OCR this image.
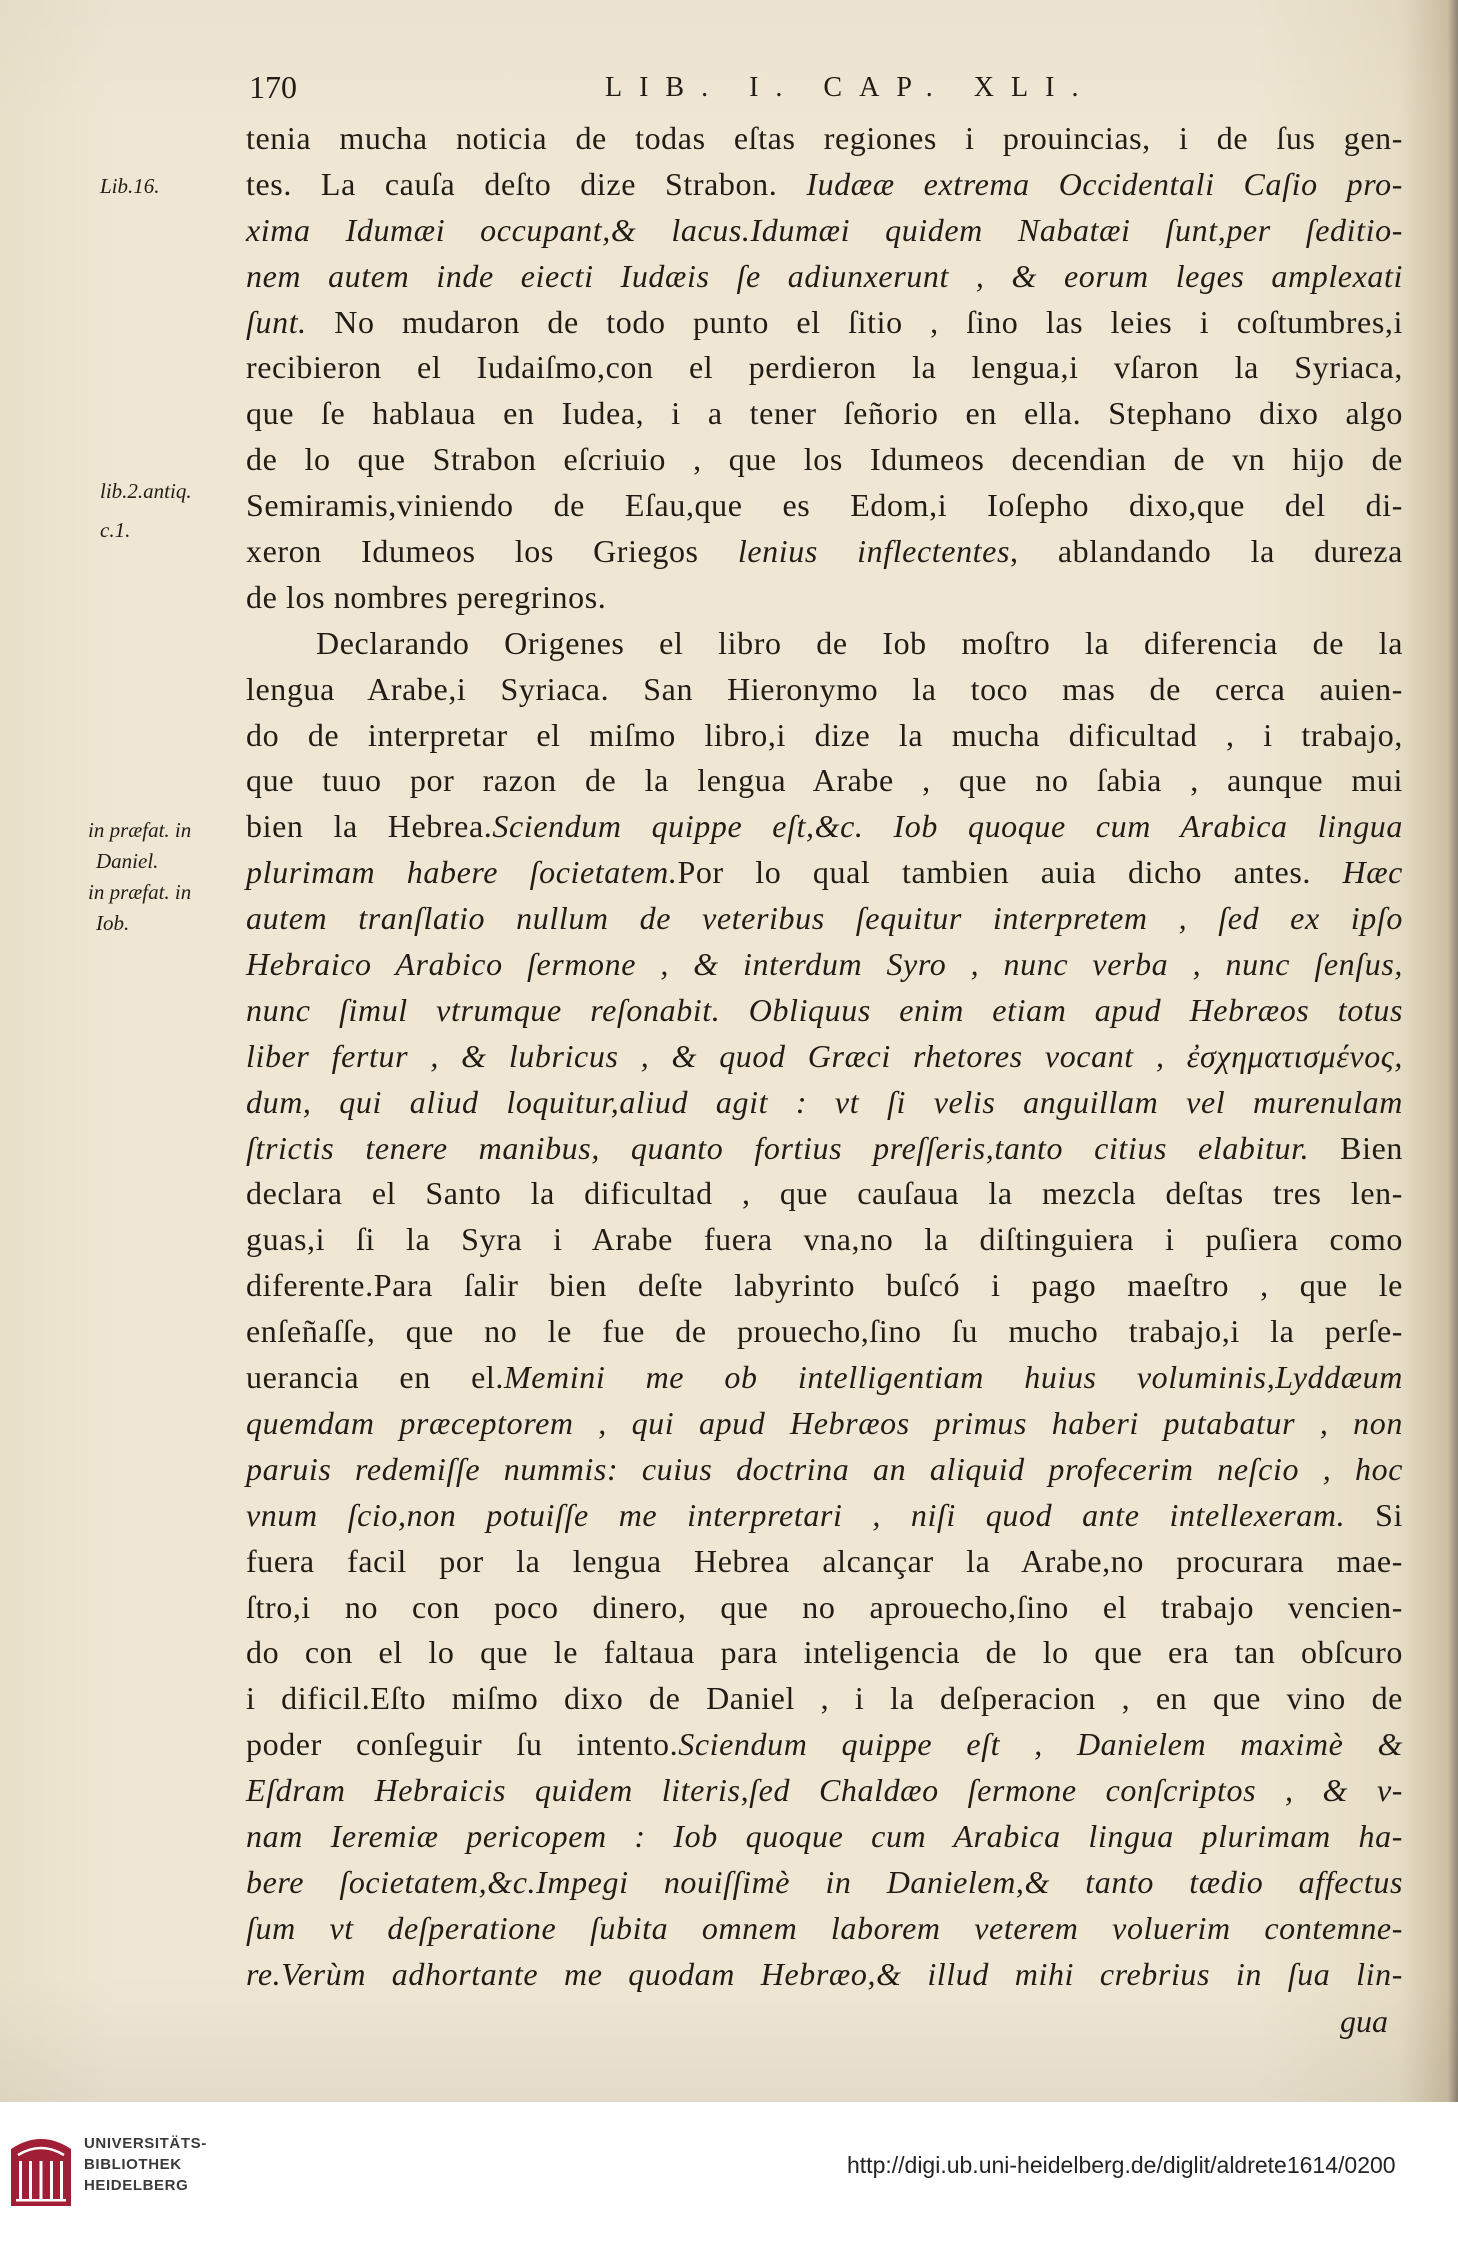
170	LIB. I. CAP. XLI.
Lib.16.
lib.2.antiq.
c.1.
in præfat. in
Daniel.
in præfat. in
Iob.
tenia mucha noticia de todas eſtas regiones i prouincias, i de ſus gen-
tes. La cauſa deſto dize Strabon. Iudææ extrema Occidentali Caſio pro-
xima Idumæi occupant,& lacus.Idumæi quidem Nabatæi ſunt,per ſeditio-
nem autem inde eiecti Iudæis ſe adiunxerunt , & eorum leges amplexati
ſunt. No mudaron de todo punto el ſitio , ſino las leies i coſtumbres,i
recibieron el Iudaiſmo,con el perdieron la lengua,i vſaron la Syriaca,
que ſe hablaua en Iudea, i a tener ſeñorio en ella. Stephano dixo algo
de lo que Strabon eſcriuio , que los Idumeos decendian de vn hijo de
Semiramis,viniendo de Eſau,que es Edom,i Ioſepho dixo,que del di-
xeron Idumeos los Griegos lenius inflectentes, ablandando la dureza
de los nombres peregrinos.
Declarando Origenes el libro de Iob moſtro la diferencia de la
lengua Arabe,i Syriaca. San Hieronymo la toco mas de cerca auien-
do de interpretar el miſmo libro,i dize la mucha dificultad , i trabajo,
que tuuo por razon de la lengua Arabe , que no ſabia , aunque mui
bien la Hebrea.Sciendum quippe eſt,&c. Iob quoque cum Arabica lingua
plurimam habere ſocietatem.Por lo qual tambien auia dicho antes. Hæc
autem tranſlatio nullum de veteribus ſequitur interpretem , ſed ex ipſo
Hebraico Arabico ſermone , & interdum Syro , nunc verba , nunc ſenſus,
nunc ſimul vtrumque reſonabit. Obliquus enim etiam apud Hebræos totus
liber fertur , & lubricus , & quod Græci rhetores vocant , ἐσχηματισμένος,
dum, qui aliud loquitur,aliud agit : vt ſi velis anguillam vel murenulam
ſtrictis tenere manibus, quanto fortius preſſeris,tanto citius elabitur. Bien
declara el Santo la dificultad , que cauſaua la mezcla deſtas tres len-
guas,i ſi la Syra i Arabe fuera vna,no la diſtinguiera i puſiera como
diferente.Para ſalir bien deſte labyrinto buſcó i pago maeſtro , que le
enſeñaſſe, que no le fue de prouecho,ſino ſu mucho trabajo,i la perſe-
uerancia en el.Memini me ob intelligentiam huius voluminis,Lyddæum
quemdam præceptorem , qui apud Hebræos primus haberi putabatur , non
paruis redemiſſe nummis: cuius doctrina an aliquid profecerim neſcio , hoc
vnum ſcio,non potuiſſe me interpretari , niſi quod ante intellexeram. Si
fuera facil por la lengua Hebrea alcançar la Arabe,no procurara mae-
ſtro,i no con poco dinero, que no aprouecho,ſino el trabajo vencien-
do con el lo que le faltaua para inteligencia de lo que era tan obſcuro
i dificil.Eſto miſmo dixo de Daniel , i la deſperacion , en que vino de
poder conſeguir ſu intento.Sciendum quippe eſt , Danielem maximè &
Eſdram Hebraicis quidem literis,ſed Chaldæo ſermone conſcriptos , & v-
nam Ieremiæ pericopem : Iob quoque cum Arabica lingua plurimam ha-
bere ſocietatem,&c.Impegi nouiſſimè in Danielem,& tanto tædio affectus
ſum vt deſperatione ſubita omnem laborem veterem voluerim contemne-
re.Verùm adhortante me quodam Hebræo,& illud mihi crebrius in ſua lin-
gua
UNIVERSITÄTS-
BIBLIOTHEK
HEIDELBERG
http://digi.ub.uni-heidelberg.de/diglit/aldrete1614/0200
